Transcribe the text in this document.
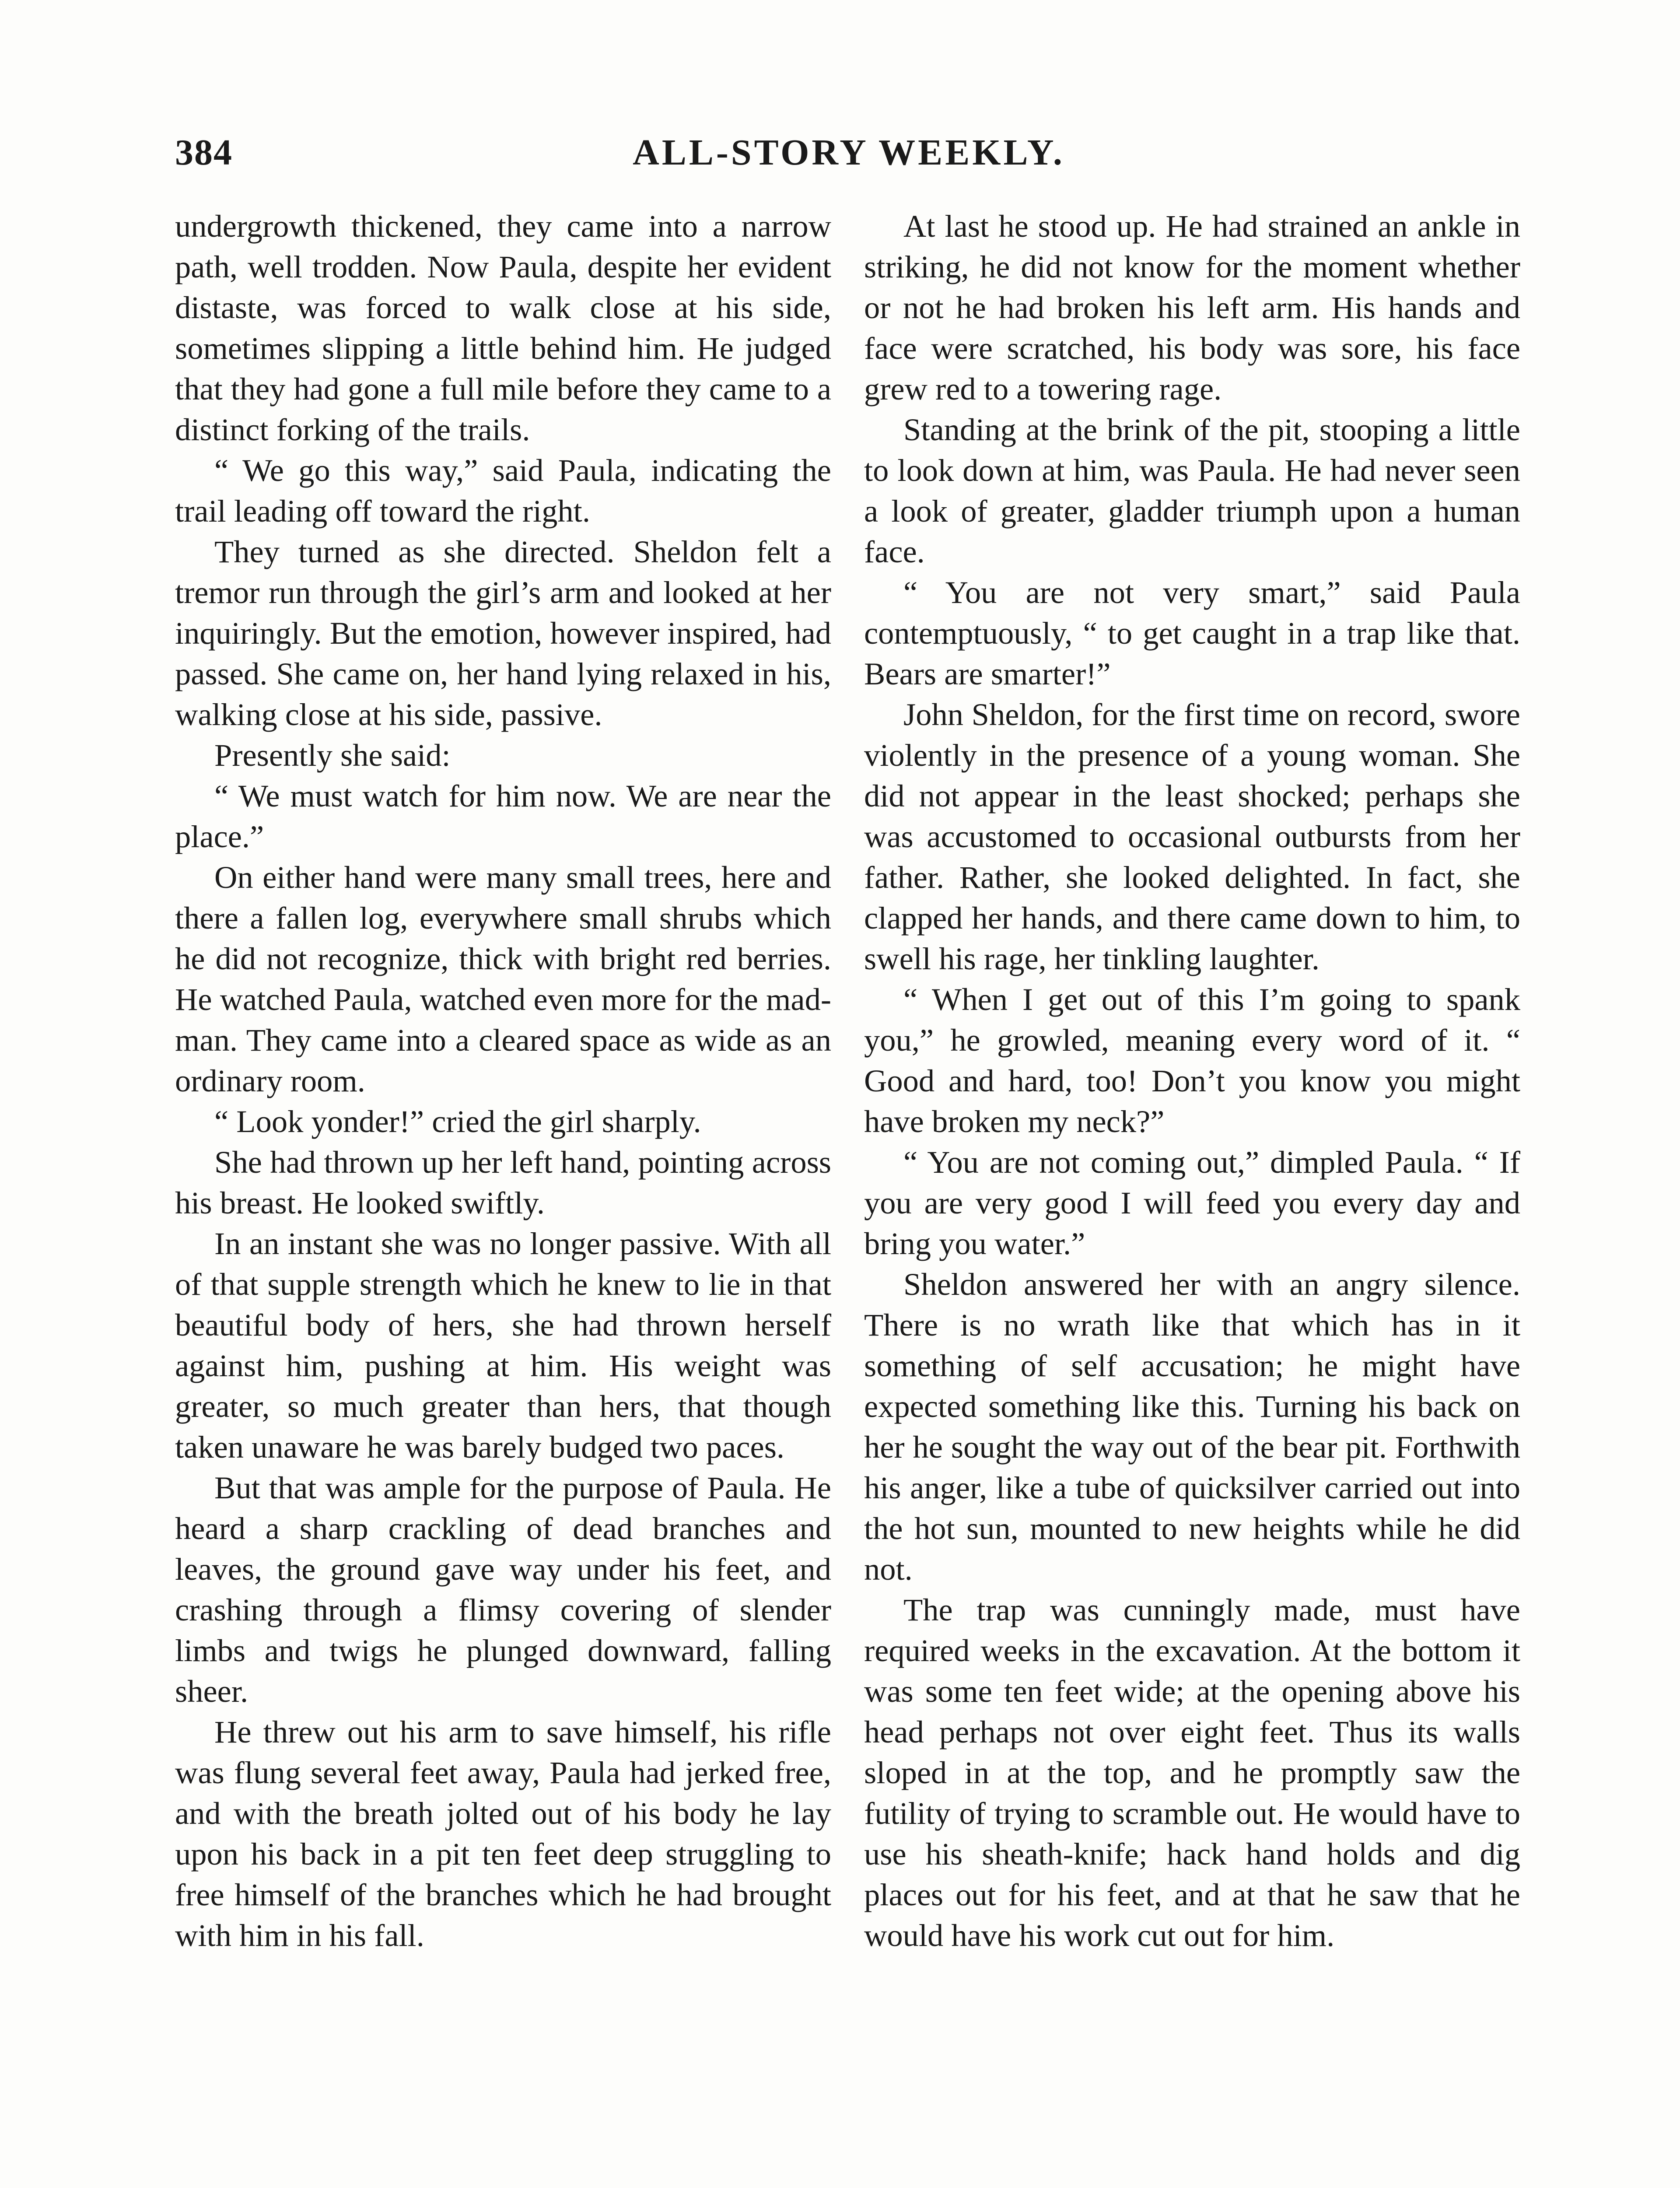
384	ALL-STORY WEEKLY.

undergrowth thickened, they came into a narrow path, well trodden. Now Paula, despite her evident distaste, was forced to walk close at his side, sometimes slipping a little behind him. He judged that they had gone a full mile before they came to a distinct forking of the trails.

“ We go this way,” said Paula, indicating the trail leading off toward the right.

They turned as she directed. Sheldon felt a tremor run through the girl’s arm and looked at her inquiringly. But the emotion, however inspired, had passed. She came on, her hand lying relaxed in his, walking close at his side, passive.

Presently she said:

“ We must watch for him now. We are near the place.”

On either hand were many small trees, here and there a fallen log, everywhere small shrubs which he did not recognize, thick with bright red berries. He watched Paula, watched even more for the madman. They came into a cleared space as wide as an ordinary room.

“ Look yonder!” cried the girl sharply.

She had thrown up her left hand, pointing across his breast. He looked swiftly.

In an instant she was no longer passive. With all of that supple strength which he knew to lie in that beautiful body of hers, she had thrown herself against him, pushing at him. His weight was greater, so much greater than hers, that though taken unaware he was barely budged two paces.

But that was ample for the purpose of Paula. He heard a sharp crackling of dead branches and leaves, the ground gave way under his feet, and crashing through a flimsy covering of slender limbs and twigs he plunged downward, falling sheer.

He threw out his arm to save himself, his rifle was flung several feet away, Paula had jerked free, and with the breath jolted out of his body he lay upon his back in a pit ten feet deep struggling to free himself of the branches which he had brought with him in his fall.

At last he stood up. He had strained an ankle in striking, he did not know for the moment whether or not he had broken his left arm. His hands and face were scratched, his body was sore, his face grew red to a towering rage.

Standing at the brink of the pit, stooping a little to look down at him, was Paula. He had never seen a look of greater, gladder triumph upon a human face.

“ You are not very smart,” said Paula contemptuously, “ to get caught in a trap like that. Bears are smarter!”

John Sheldon, for the first time on record, swore violently in the presence of a young woman. She did not appear in the least shocked; perhaps she was accustomed to occasional outbursts from her father. Rather, she looked delighted. In fact, she clapped her hands, and there came down to him, to swell his rage, her tinkling laughter.

“ When I get out of this I’m going to spank you,” he growled, meaning every word of it. “ Good and hard, too! Don’t you know you might have broken my neck?”

“ You are not coming out,” dimpled Paula. “ If you are very good I will feed you every day and bring you water.”

Sheldon answered her with an angry silence. There is no wrath like that which has in it something of self accusation; he might have expected something like this. Turning his back on her he sought the way out of the bear pit. Forthwith his anger, like a tube of quicksilver carried out into the hot sun, mounted to new heights while he did not.

The trap was cunningly made, must have required weeks in the excavation. At the bottom it was some ten feet wide; at the opening above his head perhaps not over eight feet. Thus its walls sloped in at the top, and he promptly saw the futility of trying to scramble out. He would have to use his sheath-knife; hack hand holds and dig places out for his feet, and at that he saw that he would have his work cut out for him.
